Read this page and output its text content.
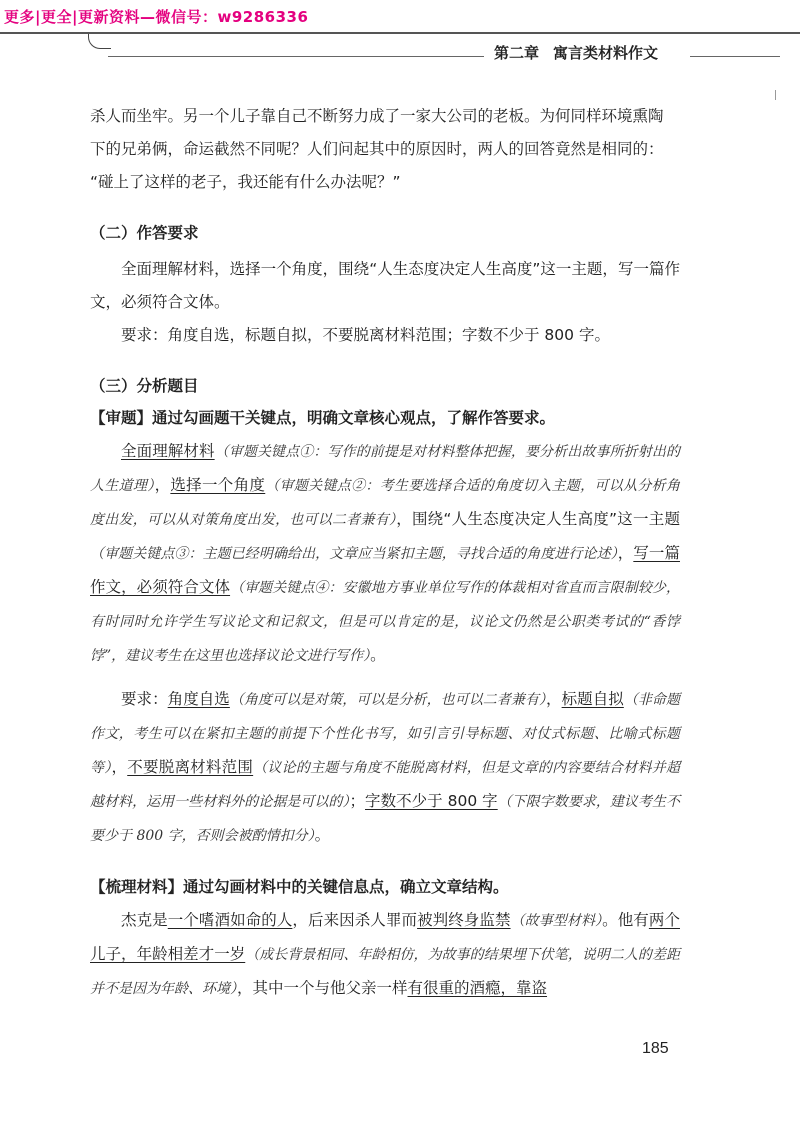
更多|更全|更新资料—微信号：w9286336
第二章 寓言类材料作文

杀人而坐牢。另一个儿子靠自己不断努力成了一家大公司的老板。为何同样环境熏陶

下的兄弟俩，命运截然不同呢？人们问起其中的原因时，两人的回答竟然是相同的：

“碰上了这样的老子，我还能有什么办法呢？”

（二）作答要求

全面理解材料，选择一个角度，围绕“人生态度决定人生高度”这一主题，写一篇作文，必须符合文体。

要求：角度自选，标题自拟，不要脱离材料范围；字数不少于 800 字。

（三）分析题目

【审题】通过勾画题干关键点，明确文章核心观点，了解作答要求。

全面理解材料（审题关键点①：写作的前提是对材料整体把握，要分析出故事所折射出的人生道理），选择一个角度（审题关键点②：考生要选择合适的角度切入主题，可以从分析角度出发，可以从对策角度出发，也可以二者兼有），围绕“人生态度决定人生高度”这一主题（审题关键点③：主题已经明确给出，文章应当紧扣主题，寻找合适的角度进行论述），写一篇作文，必须符合文体（审题关键点④：安徽地方事业单位写作的体裁相对省直而言限制较少，有时同时允许学生写议论文和记叙文，但是可以肯定的是，议论文仍然是公职类考试的“香饽饽”，建议考生在这里也选择议论文进行写作）。

要求：角度自选（角度可以是对策，可以是分析，也可以二者兼有），标题自拟（非命题作文，考生可以在紧扣主题的前提下个性化书写，如引言引导标题、对仗式标题、比喻式标题等），不要脱离材料范围（议论的主题与角度不能脱离材料，但是文章的内容要结合材料并超越材料，运用一些材料外的论据是可以的）；字数不少于 800 字（下限字数要求，建议考生不要少于 800 字，否则会被酌情扣分）。

【梳理材料】通过勾画材料中的关键信息点，确立文章结构。

杰克是一个嗜酒如命的人，后来因杀人罪而被判终身监禁（故事型材料）。他有两个儿子，年龄相差才一岁（成长背景相同、年龄相仿，为故事的结果埋下伏笔，说明二人的差距并不是因为年龄、环境），其中一个与他父亲一样有很重的酒瘾，靠盗

185
